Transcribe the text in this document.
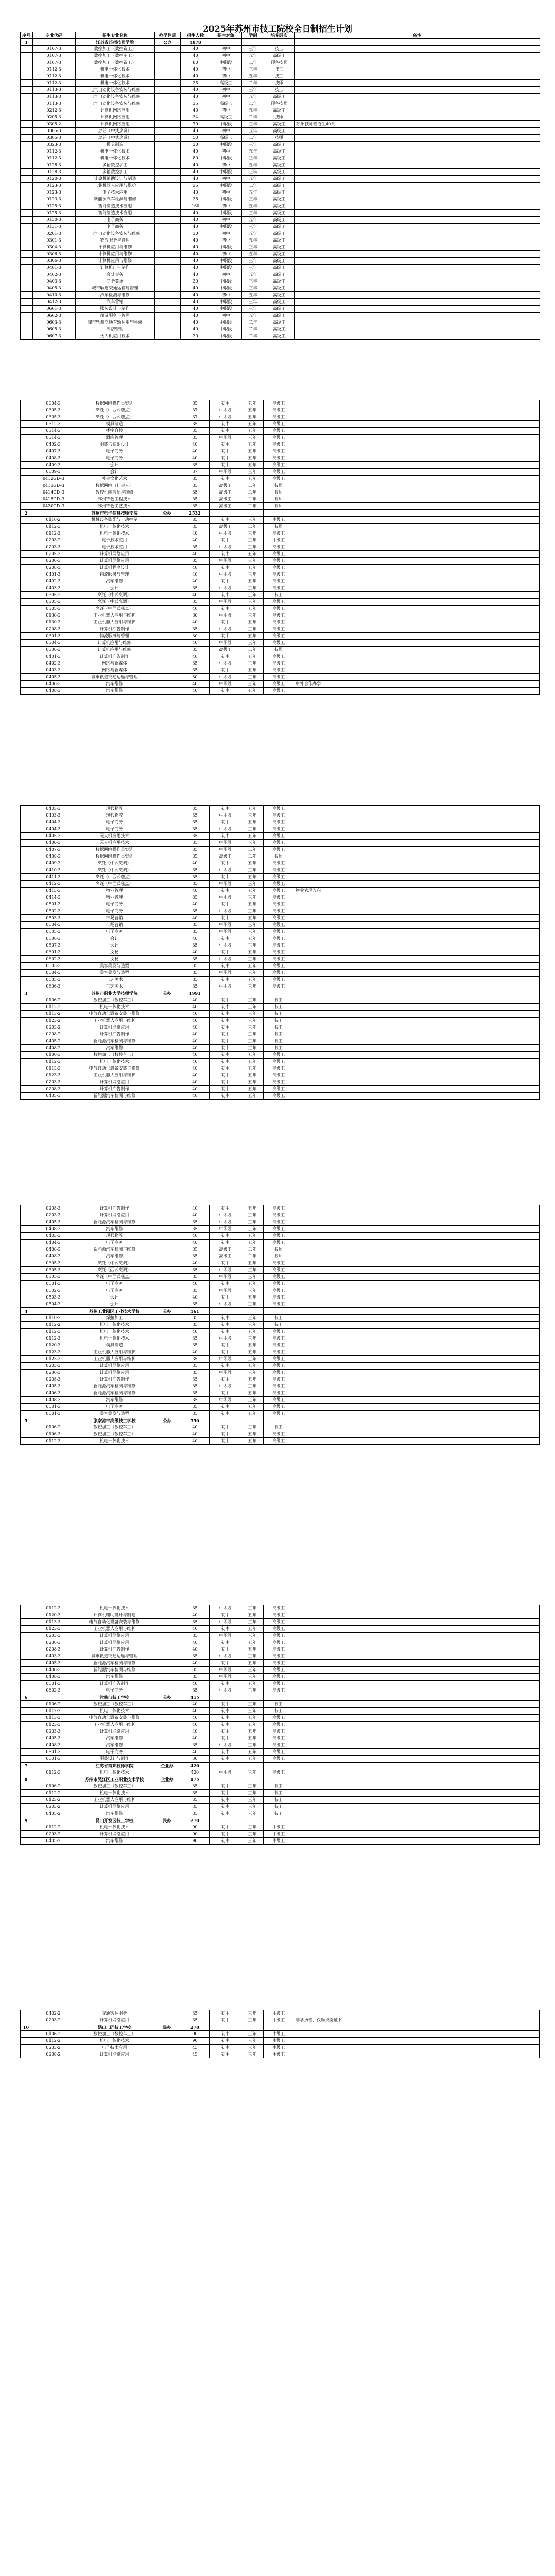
2025年苏州市技工院校全日制招生计划
序号	专业代码	招生专业名称	办学性质	招生人数	招生对象	学制	培养层次	备注
1		江苏省苏州技师学院	公办	4078				
	0107-3	数控加工（数控铣工）		40	初中	三年	技工	
	0107-3	数控加工（数控车工）		40	初中	五年	高级工	
	0107-3	数控加工（数控铣工）		80	中职段	二年	预备技师	
	0112-3	机电一体化技术		40	初中	三年	技工	
	0112-3	机电一体化技术		40	初中	五年	技工	
	0112-3	机电一体化技术		35	高级工	二年	技师	
	0113-3	电气自动化设备安装与维修		40	初中	三年	技工	
	0113-3	电气自动化设备安装与维修		40	初中	五年	高级工	
	0113-3	电气自动化设备安装与维修		35	高级工	二年	预备技师	
	0212-3	计算机网络应用		40	初中	五年	高级工	
	0205-3	计算机网络应用		34	高级工	二年	技师	
	0305-2	计算机网络应用		70	中职段	三年	高级工	苏州技师班招生40人
	0305-3	烹饪（中式烹调）		40	初中	五年	高级工	
	0305-3	烹饪（中式烹调）		50	高级工	二年	技师	
	0323-3	模具制造		30	中职段	三年	高级工	
	0112-3	机电一体化技术		40	初中	五年	高级工	
	0112-3	机电一体化技术		80	中职段	三年	高级工	
	0128-3	多轴数控加工		40	初中	五年	高级工	
	0128-3	多轴数控加工		40	中职段	三年	高级工	
	0120-3	计算机辅助设计与制造		40	初中	五年	高级工	
	0123-3	工业机器人应用与维护		35	中职段	二年	高级工	
	0123-3	电子技术应用		40	初中	五年	高级工	
	0123-3	新能源汽车检测与维修		35	中职段	三年	高级工	
	0125-3	智能制造技术应用		160	初中	五年	高级工	
	0125-3	智能制造技术应用		40	中职段	三年	高级工	
	0130-3	电子商务		40	初中	五年	高级工	
	0131-3	电子商务		40	中职段	三年	高级工	
	0201-3	电气自动化设备安装与维修		30	初中	五年	高级工	
	0301-3	物流服务与管理		40	初中	五年	高级工	
	0304-3	计算机应用与维修		40	中职段	三年	高级工	
	0306-3	计算机应用与维修		40	初中	五年	高级工	
	0306-3	计算机应用与维修		40	中职段	三年	高级工	
	0401-3	计算机广告制作		40	中职段	三年	高级工	
	0402-3	会计事务		40	初中	五年	高级工	
	0403-3	商务英语		30	中职段	三年	高级工	
	0405-3	城市轨道交通运输与管理		40	中职段	三年	高级工	
	0410-3	汽车检测与维修		40	初中	五年	高级工	
	0412-3	汽车营销		40	中职段	三年	高级工	
	0601-3	服装设计与制作		40	中职段	三年	高级工	
	0602-3	旅游服务与管理		40	初中	五年	高级工	
	0603-3	城市轨道交通车辆运用与检修		40	中职段	二年	高级工	
	0605-3	酒店管理		40	中职段	二年	高级工	
	0607-3	无人机应用技术		30	中职段	二年	高级工	
	0604-3	数据网络操作员实训		35	初中	五年	高级工	
	0305-3	烹饪（中西式糕点）		37	中职段	五年	高级工	
	0305-3	烹饪（中西式糕点）		37	中职段	五年	高级工	
	0312-3	模具制造		35	初中	五年	高级工	
	0314-3	楼宇自控		35	初中	五年	高级工	
	0314-3	酒店管理		35	中职段	三年	高级工	
	0402-3	服装与纺织设计		40	初中	五年	高级工	
	0407-3	电子商务		40	初中	五年	高级工	
	0408-3	电子商务		40	初中	五年	高级工	
	0409-3	会计		35	初中	五年	高级工	
	0609-3	会计		37	中职段	三年	高级工	
	0412GD-3	社会文化艺术		35	初中	五年	高级工	
	0413GD-3	数据网络（社会人）		35	高级工	二年	技师	
	0414GD-3	数控机床装配与维修		35	高级工	二年	技师	
	0415GD-3	苏州特色工程技术		35	高级工	二年	技师	
	0420GD-3	苏州特色工艺技术		35	高级工	二年	技师	
2		苏州市电子信息技师学院	公办	2532				
	0110-2	机械设备装配与自动控制		35	初中	三年	中级工	
	0112-3	机电一体化技术		35	高级工	二年	技师	
	0112-3	机电一体化技术		40	中职段	三年	高级工	
	0203-2	电子技术应用		40	初中	三年	中级工	
	0203-3	电子技术应用		35	中职段	三年	高级工	
	0205-3	计算机网络应用		40	初中	五年	高级工	
	0206-3	计算机网络应用		35	中职段	三年	高级工	
	0208-3	计算机程序设计		40	初中	五年	高级工	
	0401-3	物流服务与管理		40	中职段	三年	高级工	
	0402-3	汽车维修		40	初中	五年	高级工	
	0403-3	会计		35	中职段	三年	高级工	
	0305-2	烹饪（中式烹调）		40	初中	三年	技工	
	0305-3	烹饪（中式烹调）		35	中职段	三年	高级工	
	0305-3	烹饪（中西式糕点）		40	初中	五年	高级工	
	0130-3	工业机器人应用与维护		30	中职段	三年	高级工	
	0130-3	工业机器人应用与维护		40	初中	五年	高级工	
	0208-3	计算机广告制作		35	中职段	三年	高级工	
	0301-3	物流服务与管理		30	初中	五年	高级工	
	0304-3	计算机应用与维修		40	中职段	三年	高级工	
	0306-3	计算机应用与维修		35	高级工	二年	技师	
	0401-3	计算机广告制作		40	初中	五年	高级工	
	0402-3	网络与新媒体		35	中职段	三年	高级工	
	0403-3	网络与新媒体		35	初中	五年	高级工	
	0405-3	城市轨道交通运输与管理		30	中职段	三年	高级工	
	0406-3	汽车维修		40	中职段	三年	高级工	中外合作办学
	0408-3	汽车维修		40	初中	五年	高级工	
	0403-3	现代物流		35	初中	五年	高级工	
	0403-3	现代物流		35	中职段	三年	高级工	
	0404-3	电子商务		35	初中	五年	高级工	
	0404-3	电子商务		35	中职段	三年	高级工	
	0405-3	无人机应用技术		35	初中	五年	高级工	
	0406-3	无人机应用技术		35	中职段	三年	高级工	
	0407-3	数据网络操作员实训		35	中职段	二年	高级工	
	0408-3	数据网络操作员实训		35	高级工	二年	技师	
	0409-3	烹饪（中式烹调）		40	初中	五年	高级工	
	0410-3	烹饪（中式烹调）		35	中职段	三年	高级工	
	0411-3	烹饪（中西式糕点）		35	初中	五年	高级工	
	0412-3	烹饪（中西式糕点）		35	中职段	三年	高级工	
	0413-3	物业管理		40	初中	五年	高级工	物业管理方向
	0414-3	物业管理		35	中职段	三年	高级工	
	0501-3	电子商务		40	初中	五年	高级工	
	0502-3	电子商务		35	中职段	三年	高级工	
	0503-3	市场营销		40	初中	五年	高级工	
	0504-3	市场营销		35	中职段	三年	高级工	
	0505-3	电子商务		35	中职段	三年	高级工	
	0506-3	会计		40	初中	五年	高级工	
	0507-3	会计		35	中职段	三年	高级工	
	0601-3	文秘		40	初中	五年	高级工	
	0602-3	文秘		35	中职段	三年	高级工	
	0603-3	美容美发与造型		35	初中	五年	高级工	
	0604-3	美容美发与造型		35	中职段	三年	高级工	
	0605-3	工艺美术		35	初中	五年	高级工	
	0606-3	工艺美术		35	中职段	三年	高级工	
3		苏州市职业大学技师学院	公办	1993				
	0106-2	数控加工（数控车工）		40	初中	三年	技工	
	0112-2	机电一体化技术		40	初中	三年	技工	
	0113-2	电气自动化设备安装与维修		40	初中	三年	技工	
	0123-2	工业机器人应用与维护		40	初中	三年	技工	
	0203-2	计算机网络应用		40	初中	三年	技工	
	0208-2	计算机广告制作		40	初中	三年	技工	
	0405-2	新能源汽车检测与维修		40	初中	三年	技工	
	0408-2	汽车维修		40	初中	三年	技工	
	0106-3	数控加工（数控车工）		40	初中	五年	高级工	
	0112-3	机电一体化技术		40	初中	五年	高级工	
	0113-3	电气自动化设备安装与维修		40	初中	五年	高级工	
	0123-3	工业机器人应用与维护		40	初中	五年	高级工	
	0203-3	计算机网络应用		40	初中	五年	高级工	
	0208-3	计算机广告制作		40	初中	五年	高级工	
	0405-3	新能源汽车检测与维修		40	初中	五年	高级工	
	0208-3	计算机广告制作		40	初中	五年	高级工	
	0203-3	计算机网络应用		40	中职段	三年	高级工	
	0405-3	新能源汽车检测与维修		35	中职段	三年	高级工	
	0408-3	汽车维修		35	中职段	三年	高级工	
	0403-3	现代物流		40	初中	五年	高级工	
	0404-3	电子商务		40	初中	五年	高级工	
	0406-3	新能源汽车检测与维修		35	高级工	二年	技师	
	0408-3	汽车维修		35	高级工	二年	技师	
	0305-3	烹饪（中式烹调）		40	初中	五年	高级工	
	0305-3	烹饪（西式烹调）		35	中职段	三年	高级工	
	0305-3	烹饪（中西式糕点）		35	中职段	三年	高级工	
	0501-3	电子商务		40	初中	五年	高级工	
	0502-3	电子商务		35	中职段	三年	高级工	
	0503-3	会计		40	初中	五年	高级工	
	0504-3	会计		35	中职段	三年	高级工	
4		苏州工业园区工业技术学校	公办	561				
	0110-2	焊接加工		35	初中	三年	技工	
	0112-2	机电一体化技术		35	初中	三年	技工	
	0112-3	机电一体化技术		40	初中	五年	高级工	
	0112-3	机电一体化技术		35	中职段	三年	高级工	
	0120-3	模具制造		35	初中	五年	高级工	
	0123-3	工业机器人应用与维护		40	初中	五年	高级工	
	0123-3	工业机器人应用与维护		35	中职段	三年	高级工	
	0203-3	计算机网络应用		35	初中	五年	高级工	
	0206-3	计算机网络应用		35	中职段	三年	高级工	
	0208-3	计算机广告制作		35	初中	五年	高级工	
	0405-3	新能源汽车检测与维修		35	中职段	三年	高级工	
	0406-3	新能源汽车检测与维修		35	初中	五年	高级工	
	0408-3	汽车维修		35	中职段	三年	高级工	
	0501-3	电子商务		35	初中	五年	高级工	
	0601-3	美容美发与造型		35	初中	五年	高级工	
5		张家港市高级技工学校	公办	550				
	0106-2	数控加工（数控车工）		40	初中	三年	技工	
	0106-3	数控加工（数控车工）		40	初中	五年	高级工	
	0112-3	机电一体化技术		40	初中	五年	高级工	
	0112-3	机电一体化技术		35	中职段	三年	高级工	
	0120-3	计算机辅助设计与制造		40	初中	五年	高级工	
	0113-3	电气自动化设备安装与维修		35	中职段	三年	高级工	
	0123-3	工业机器人应用与维护		40	初中	五年	高级工	
	0203-3	计算机网络应用		35	中职段	三年	高级工	
	0206-3	计算机网络应用		40	初中	五年	高级工	
	0208-3	计算机广告制作		40	初中	五年	高级工	
	0403-3	城市轨道交通运输与管理		35	中职段	三年	高级工	
	0405-3	新能源汽车检测与维修		40	初中	五年	高级工	
	0406-3	新能源汽车检测与维修		35	中职段	三年	高级工	
	0408-3	汽车维修		35	中职段	三年	高级工	
	0601-3	计算机广告制作		40	初中	五年	高级工	
	0602-3	电子商务		35	中职段	三年	高级工	
6		常熟市技工学校	公办	415				
	0106-2	数控加工（数控车工）		40	初中	三年	技工	
	0112-2	机电一体化技术		40	初中	三年	技工	
	0113-3	电气自动化设备安装与维修		40	初中	五年	高级工	
	0123-3	工业机器人应用与维护		40	初中	五年	高级工	
	0203-3	计算机网络应用		40	初中	五年	高级工	
	0405-3	汽车维修		40	初中	五年	高级工	
	0408-3	汽车维修		35	中职段	三年	高级工	
	0501-3	电子商务		40	初中	五年	高级工	
	0601-3	服装设计与制作		30	初中	五年	高级工	
7		江苏省常熟技师学院	企业办	420				
	0112-3	机电一体化技术		420	中职段	三年	高级工	
8		苏州市吴江区工业职业技术学校	企业办	175				
	0106-2	数控加工（数控车工）		35	初中	三年	技工	
	0112-2	机电一体化技术		35	初中	三年	技工	
	0123-2	工业机器人应用与维护		35	初中	三年	技工	
	0203-2	计算机网络应用		35	初中	三年	技工	
	0405-2	汽车维修		35	初中	三年	技工	
9		昆山开发区技工学校	民办	270				
	0112-2	机电一体化技术		90	初中	三年	中级工	
	0203-2	计算机网络应用		90	初中	三年	中级工	
	0405-2	汽车维修		90	初中	三年	中级工	
	0402-2	交通客运服务		35	初中	三年	中级工	
	0203-2	计算机网络应用		35	初中	三年	中级工	非学历班，仅颁技能证书
10		昆山工匠技工学校	民办	270				
	0106-2	数控加工（数控车工）		90	初中	三年	中级工	
	0112-2	机电一体化技术		90	初中	三年	中级工	
	0203-2	电子技术应用		45	初中	三年	中级工	
	0208-2	计算机网络应用		45	初中	三年	中级工	
